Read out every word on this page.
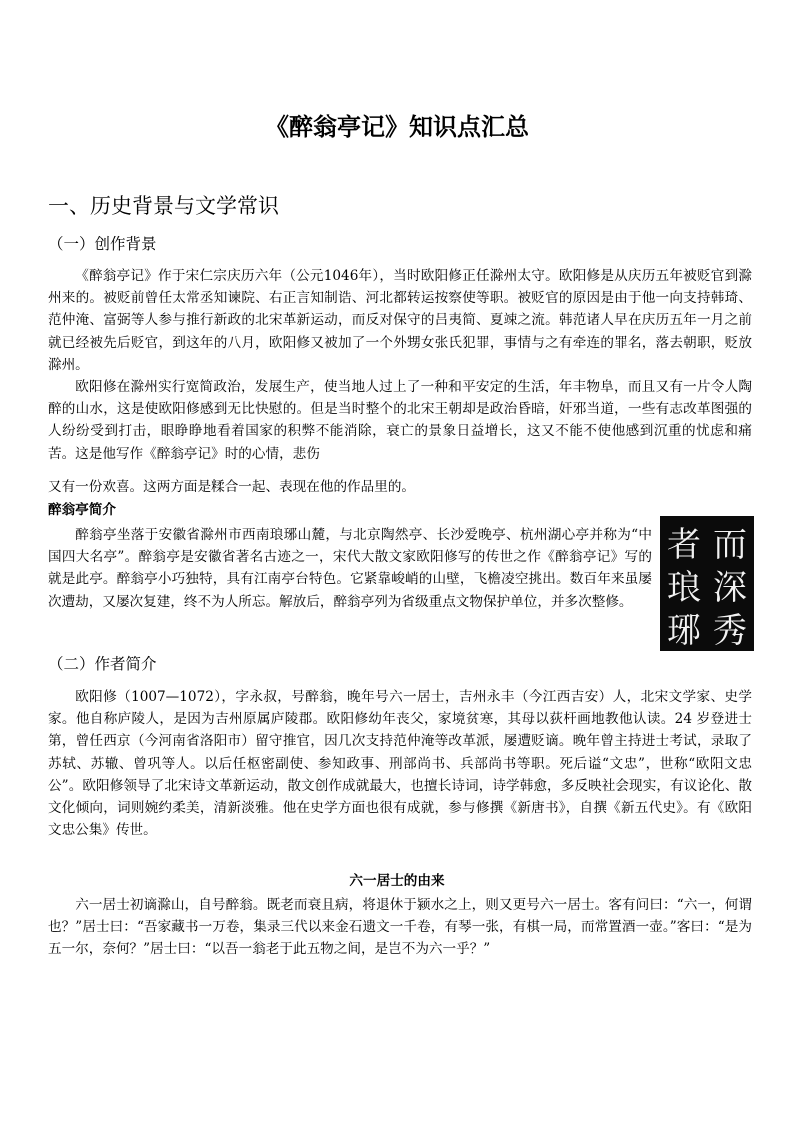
《醉翁亭记》知识点汇总
一、历史背景与文学常识
（一）创作背景

《醉翁亭记》作于宋仁宗庆历六年（公元1046年），当时欧阳修正任滁州太守。欧阳修是从庆历五年被贬官到滁州来的。被贬前曾任太常丞知谏院、右正言知制诰、河北都转运按察使等职。被贬官的原因是由于他一向支持韩琦、范仲淹、富弼等人参与推行新政的北宋革新运动，而反对保守的吕夷简、夏竦之流。韩范诸人早在庆历五年一月之前就已经被先后贬官，到这年的八月，欧阳修又被加了一个外甥女张氏犯罪，事情与之有牵连的罪名，落去朝职，贬放滁州。

欧阳修在滁州实行宽简政治，发展生产，使当地人过上了一种和平安定的生活，年丰物阜，而且又有一片令人陶醉的山水，这是使欧阳修感到无比快慰的。但是当时整个的北宋王朝却是政治昏暗，奸邪当道，一些有志改革图强的人纷纷受到打击，眼睁睁地看着国家的积弊不能消除，衰亡的景象日益增长，这又不能不使他感到沉重的忧虑和痛苦。这是他写作《醉翁亭记》时的心情，悲伤

又有一份欢喜。这两方面是糅合一起、表现在他的作品里的。

醉翁亭简介

醉翁亭坐落于安徽省滁州市西南琅琊山麓，与北京陶然亭、长沙爱晚亭、杭州湖心亭并称为“中国四大名亭”。醉翁亭是安徽省著名古迹之一，宋代大散文家欧阳修写的传世之作《醉翁亭记》写的就是此亭。醉翁亭小巧独特，具有江南亭台特色。它紧靠峻峭的山壁，飞檐凌空挑出。数百年来虽屡次遭劫，又屡次复建，终不为人所忘。解放后，醉翁亭列为省级重点文物保护单位，并多次整修。

而
深
秀
者
琅
琊
（二）作者简介

欧阳修（1007—1072），字永叔，号醉翁，晚年号六一居士，吉州永丰（今江西吉安）人，北宋文学家、史学家。他自称庐陵人，是因为吉州原属庐陵郡。欧阳修幼年丧父，家境贫寒，其母以荻杆画地教他认读。24 岁登进士第，曾任西京（今河南省洛阳市）留守推官，因几次支持范仲淹等改革派，屡遭贬谪。晚年曾主持进士考试，录取了苏轼、苏辙、曾巩等人。以后任枢密副使、参知政事、刑部尚书、兵部尚书等职。死后谥“文忠”，世称“欧阳文忠公”。欧阳修领导了北宋诗文革新运动，散文创作成就最大，也擅长诗词，诗学韩愈，多反映社会现实，有议论化、散文化倾向，词则婉约柔美，清新淡雅。他在史学方面也很有成就，参与修撰《新唐书》，自撰《新五代史》。有《欧阳文忠公集》传世。

六一居士的由来

六一居士初谪滁山，自号醉翁。既老而衰且病，将退休于颍水之上，则又更号六一居士。客有问曰：“六一，何谓也？”居士曰：“吾家藏书一万卷，集录三代以来金石遗文一千卷，有琴一张，有棋一局，而常置酒一壶。”客曰：“是为五一尔，奈何？”居士曰：“以吾一翁老于此五物之间，是岂不为六一乎？”
